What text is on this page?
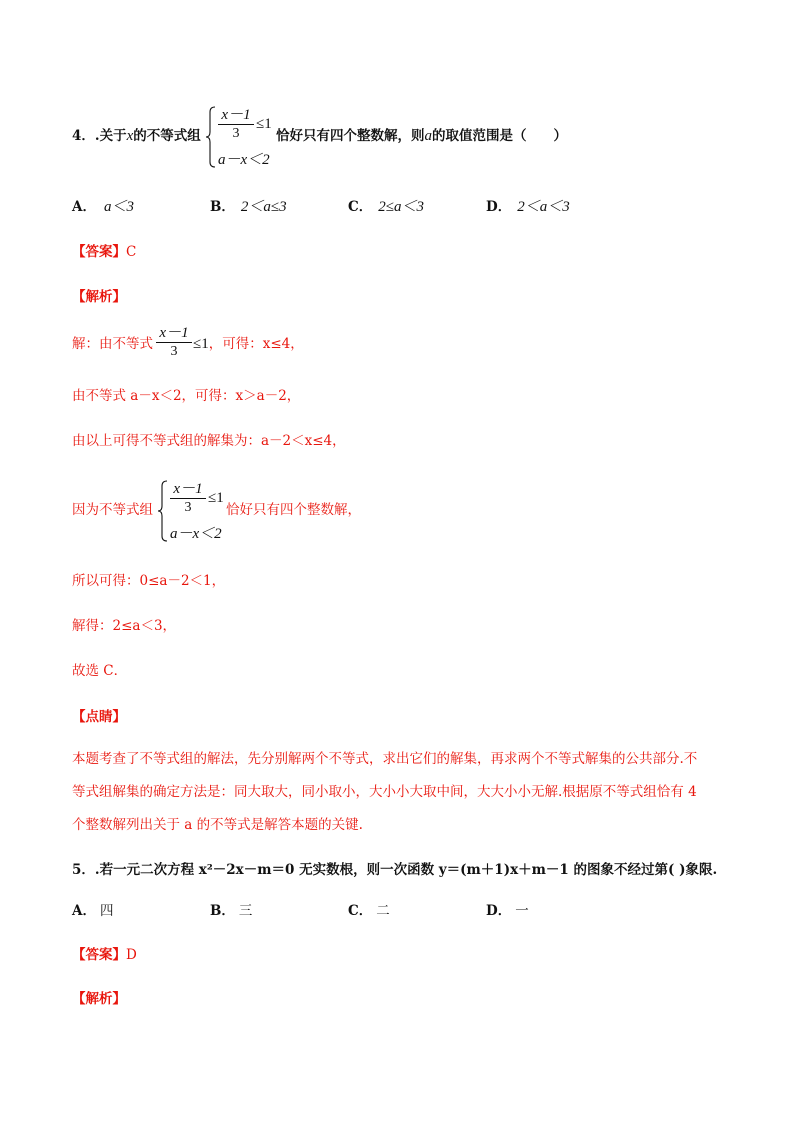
4．.关于x的不等式组
x－1
3
≤1
a－x＜2
恰好只有四个整数解，则a的取值范围是（　　）
A． a＜3	B． 2＜a≤3	C． 2≤a＜3	D． 2＜a＜3
【答案】C
【解析】
解：由不等式
x－1
3	≤1，可得：x≤4，
由不等式 a－x＜2，可得：x＞a－2，
由以上可得不等式组的解集为：a－2＜x≤4，
因为不等式组
x－1
3
≤1
a－x＜2
恰好只有四个整数解，
所以可得：0≤a－2＜1，
解得：2≤a＜3，
故选 C．
【点睛】
本题考查了不等式组的解法，先分别解两个不等式，求出它们的解集，再求两个不等式解集的公共部分.不
等式组解集的确定方法是：同大取大，同小取小，大小小大取中间，大大小小无解.根据原不等式组恰有 4
个整数解列出关于 a 的不等式是解答本题的关键.
5．.若一元二次方程 x²－2x－m＝0 无实数根，则一次函数 y＝(m＋1)x＋m－1 的图象不经过第( )象限.
A． 四	B． 三	C． 二	D． 一
【答案】D
【解析】
